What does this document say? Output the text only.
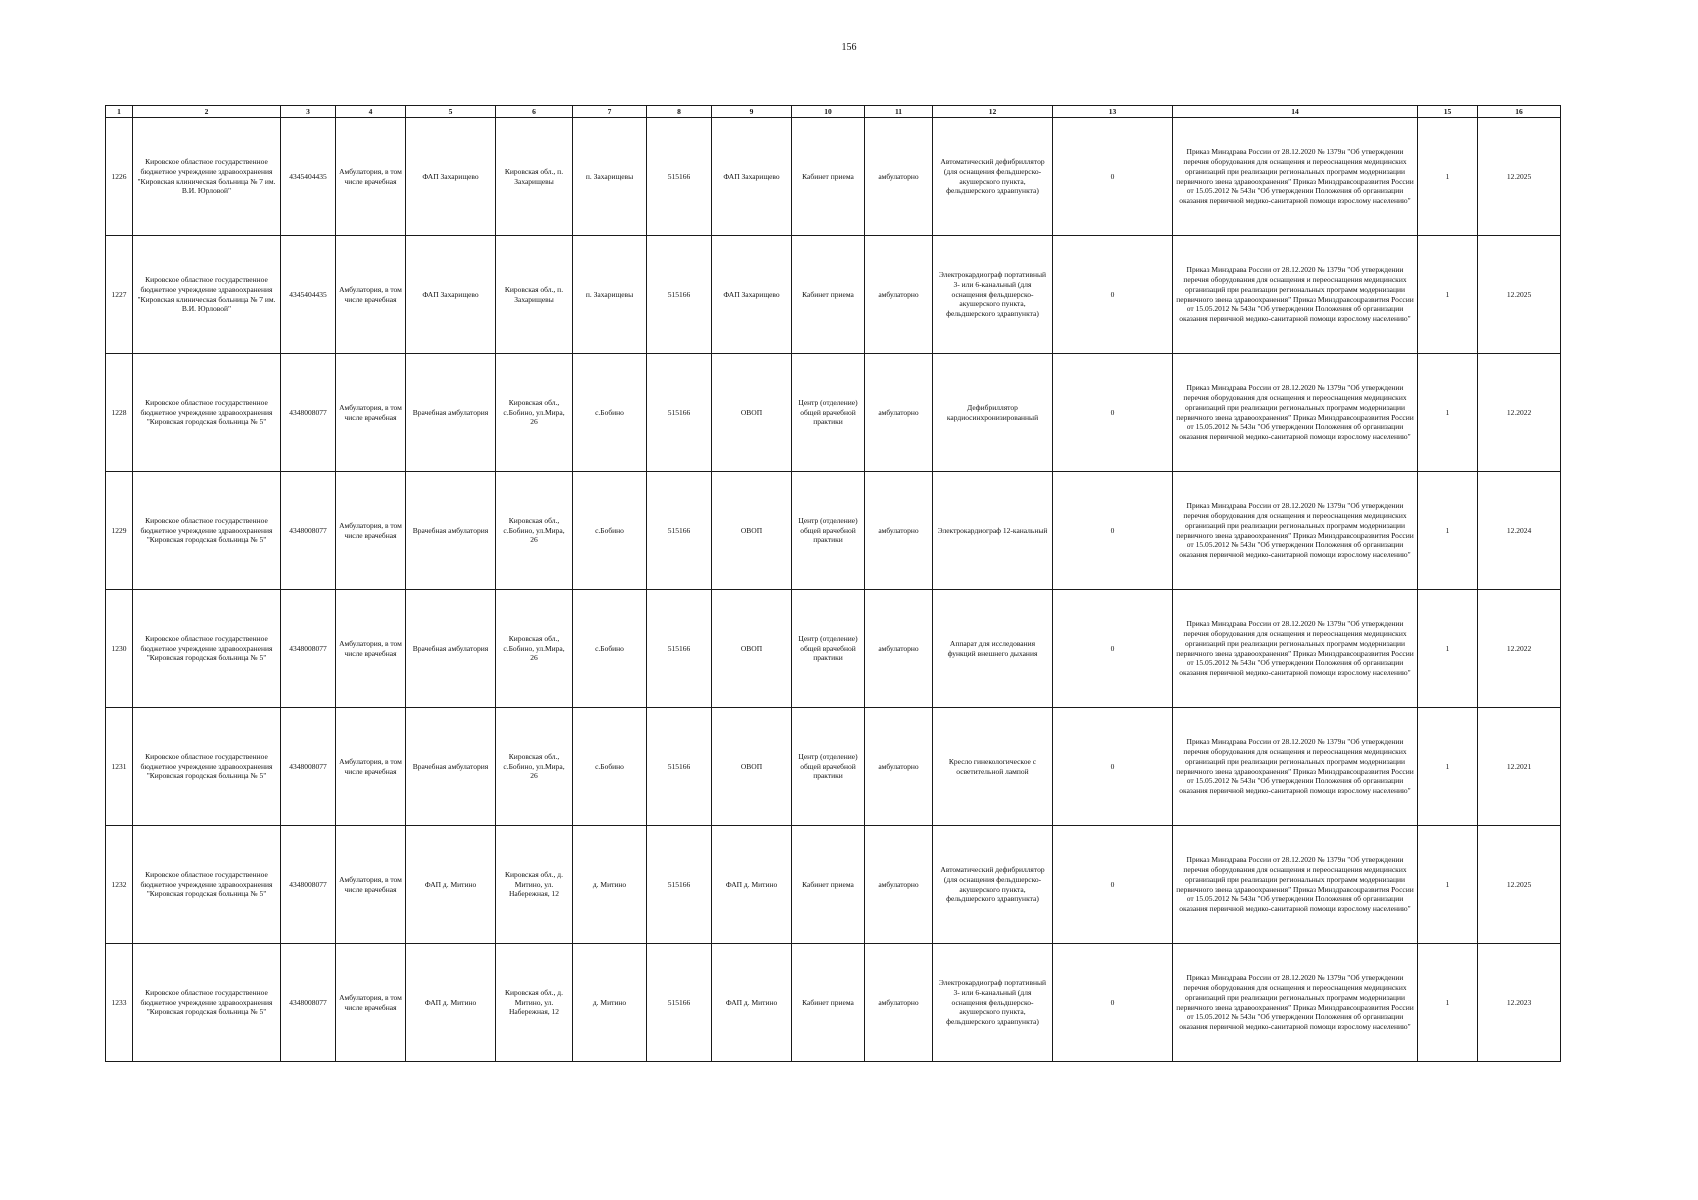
156
1	2	3	4	5	6	7	8	9	10	11	12	13	14	15	16
1226	Кировское областное государственное бюджетное учреждение здравоохранения "Кировская клиническая больница № 7 им. В.И. Юрловой"	4345404435	Амбулатория, в том числе врачебная	ФАП Захарищево	Кировская обл., п. Захарищевы	п. Захарищевы	515166	ФАП Захарищево	Кабинет приема	амбулаторно	Автоматический дефибриллятор (для оснащения фельдшерско-акушерского пункта, фельдшерского здравпункта)	0	Приказ Минздрава России от 28.12.2020 № 1379н "Об утверждении перечня оборудования для оснащения и переоснащения медицинских организаций при реализации региональных программ модернизации первичного звена здравоохранения" Приказ Минздравсоцразвития России от 15.05.2012 № 543н "Об утверждении Положения об организации оказания первичной медико-санитарной помощи взрослому населению"	1	12.2025
1227	Кировское областное государственное бюджетное учреждение здравоохранения "Кировская клиническая больница № 7 им. В.И. Юрловой"	4345404435	Амбулатория, в том числе врачебная	ФАП Захарищево	Кировская обл., п. Захарищевы	п. Захарищевы	515166	ФАП Захарищево	Кабинет приема	амбулаторно	Электрокардиограф портативный 3- или 6-канальный (для оснащения фельдшерско-акушерского пункта, фельдшерского здравпункта)	0	Приказ Минздрава России от 28.12.2020 № 1379н "Об утверждении перечня оборудования для оснащения и переоснащения медицинских организаций при реализации региональных программ модернизации первичного звена здравоохранения" Приказ Минздравсоцразвития России от 15.05.2012 № 543н "Об утверждении Положения об организации оказания первичной медико-санитарной помощи взрослому населению"	1	12.2025
1228	Кировское областное государственное бюджетное учреждение здравоохранения "Кировская городская больница № 5"	4348008077	Амбулатория, в том числе врачебная	Врачебная амбулатория	Кировская обл., с.Бобино, ул.Мира, 26	с.Бобино	515166	ОВОП	Центр (отделение) общей врачебной практики	амбулаторно	Дефибриллятор кардиосинхронизированный	0	Приказ Минздрава России от 28.12.2020 № 1379н "Об утверждении перечня оборудования для оснащения и переоснащения медицинских организаций при реализации региональных программ модернизации первичного звена здравоохранения" Приказ Минздравсоцразвития России от 15.05.2012 № 543н "Об утверждении Положения об организации оказания первичной медико-санитарной помощи взрослому населению"	1	12.2022
1229	Кировское областное государственное бюджетное учреждение здравоохранения "Кировская городская больница № 5"	4348008077	Амбулатория, в том числе врачебная	Врачебная амбулатория	Кировская обл., с.Бобино, ул.Мира, 26	с.Бобино	515166	ОВОП	Центр (отделение) общей врачебной практики	амбулаторно	Электрокардиограф 12-канальный	0	Приказ Минздрава России от 28.12.2020 № 1379н "Об утверждении перечня оборудования для оснащения и переоснащения медицинских организаций при реализации региональных программ модернизации первичного звена здравоохранения" Приказ Минздравсоцразвития России от 15.05.2012 № 543н "Об утверждении Положения об организации оказания первичной медико-санитарной помощи взрослому населению"	1	12.2024
1230	Кировское областное государственное бюджетное учреждение здравоохранения "Кировская городская больница № 5"	4348008077	Амбулатория, в том числе врачебная	Врачебная амбулатория	Кировская обл., с.Бобино, ул.Мира, 26	с.Бобино	515166	ОВОП	Центр (отделение) общей врачебной практики	амбулаторно	Аппарат для исследования функций внешнего дыхания	0	Приказ Минздрава России от 28.12.2020 № 1379н "Об утверждении перечня оборудования для оснащения и переоснащения медицинских организаций при реализации региональных программ модернизации первичного звена здравоохранения" Приказ Минздравсоцразвития России от 15.05.2012 № 543н "Об утверждении Положения об организации оказания первичной медико-санитарной помощи взрослому населению"	1	12.2022
1231	Кировское областное государственное бюджетное учреждение здравоохранения "Кировская городская больница № 5"	4348008077	Амбулатория, в том числе врачебная	Врачебная амбулатория	Кировская обл., с.Бобино, ул.Мира, 26	с.Бобино	515166	ОВОП	Центр (отделение) общей врачебной практики	амбулаторно	Кресло гинекологическое с осветительной лампой	0	Приказ Минздрава России от 28.12.2020 № 1379н "Об утверждении перечня оборудования для оснащения и переоснащения медицинских организаций при реализации региональных программ модернизации первичного звена здравоохранения" Приказ Минздравсоцразвития России от 15.05.2012 № 543н "Об утверждении Положения об организации оказания первичной медико-санитарной помощи взрослому населению"	1	12.2021
1232	Кировское областное государственное бюджетное учреждение здравоохранения "Кировская городская больница № 5"	4348008077	Амбулатория, в том числе врачебная	ФАП д. Митино	Кировская обл., д. Митино, ул. Набережная, 12	д. Митино	515166	ФАП д. Митино	Кабинет приема	амбулаторно	Автоматический дефибриллятор (для оснащения фельдшерско-акушерского пункта, фельдшерского здравпункта)	0	Приказ Минздрава России от 28.12.2020 № 1379н "Об утверждении перечня оборудования для оснащения и переоснащения медицинских организаций при реализации региональных программ модернизации первичного звена здравоохранения" Приказ Минздравсоцразвития России от 15.05.2012 № 543н "Об утверждении Положения об организации оказания первичной медико-санитарной помощи взрослому населению"	1	12.2025
1233	Кировское областное государственное бюджетное учреждение здравоохранения "Кировская городская больница № 5"	4348008077	Амбулатория, в том числе врачебная	ФАП д. Митино	Кировская обл., д. Митино, ул. Набережная, 12	д. Митино	515166	ФАП д. Митино	Кабинет приема	амбулаторно	Электрокардиограф портативный 3- или 6-канальный (для оснащения фельдшерско-акушерского пункта, фельдшерского здравпункта)	0	Приказ Минздрава России от 28.12.2020 № 1379н "Об утверждении перечня оборудования для оснащения и переоснащения медицинских организаций при реализации региональных программ модернизации первичного звена здравоохранения" Приказ Минздравсоцразвития России от 15.05.2012 № 543н "Об утверждении Положения об организации оказания первичной медико-санитарной помощи взрослому населению"	1	12.2023
